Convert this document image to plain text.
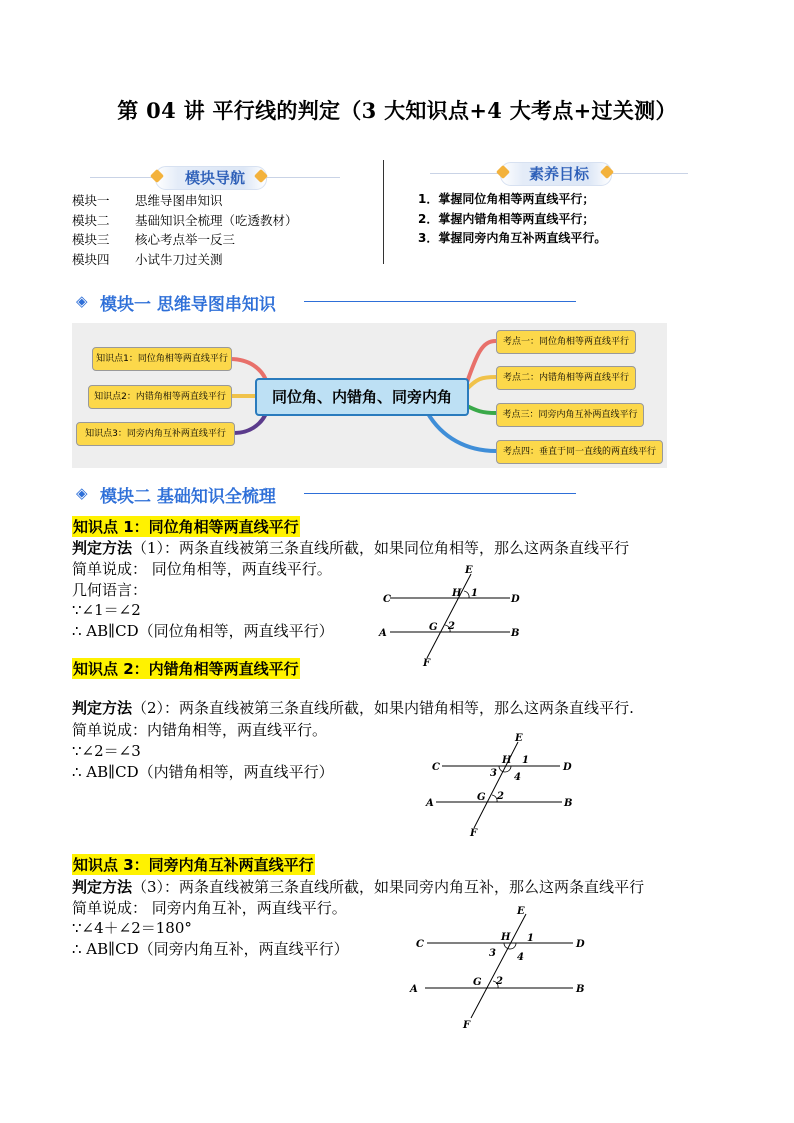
第 04 讲 平行线的判定（3 大知识点+4 大考点+过关测）
模块导航
模块一 思维导图串知识
模块二 基础知识全梳理（吃透教材）
模块三 核心考点举一反三
模块四 小试牛刀过关测
素养目标
1．掌握同位角相等两直线平行；
2．掌握内错角相等两直线平行；
3．掌握同旁内角互补两直线平行。
◈ 模块一 思维导图串知识
知识点1：同位角相等两直线平行
知识点2：内错角相等两直线平行
知识点3：同旁内角互补两直线平行
同位角、内错角、同旁内角
考点一：同位角相等两直线平行
考点二：内错角相等两直线平行
考点三：同旁内角互补两直线平行
考点四：垂直于同一直线的两直线平行
◈ 模块二 基础知识全梳理
知识点 1：同位角相等两直线平行
判定方法（1）：两条直线被第三条直线所截，如果同位角相等，那么这两条直线平行
简单说成： 同位角相等，两直线平行。
几何语言：
∵∠1＝∠2
∴ AB∥CD（同位角相等，两直线平行）
C	D
A	B
E
F
H 1
G 2
知识点 2：内错角相等两直线平行
判定方法（2）：两条直线被第三条直线所截，如果内错角相等，那么这两条直线平行.
简单说成：内错角相等，两直线平行。
∵∠2＝∠3
∴ AB∥CD（内错角相等，两直线平行）	C	D
A	B
E
F
H 1
3 4
G 2
知识点 3：同旁内角互补两直线平行
判定方法（3）：两条直线被第三条直线所截，如果同旁内角互补，那么这两条直线平行
简单说成： 同旁内角互补，两直线平行。
∵∠4＋∠2＝180°
∴ AB∥CD（同旁内角互补，两直线平行）	C	D
A	B
E
F
H 1
3 4
G 2
